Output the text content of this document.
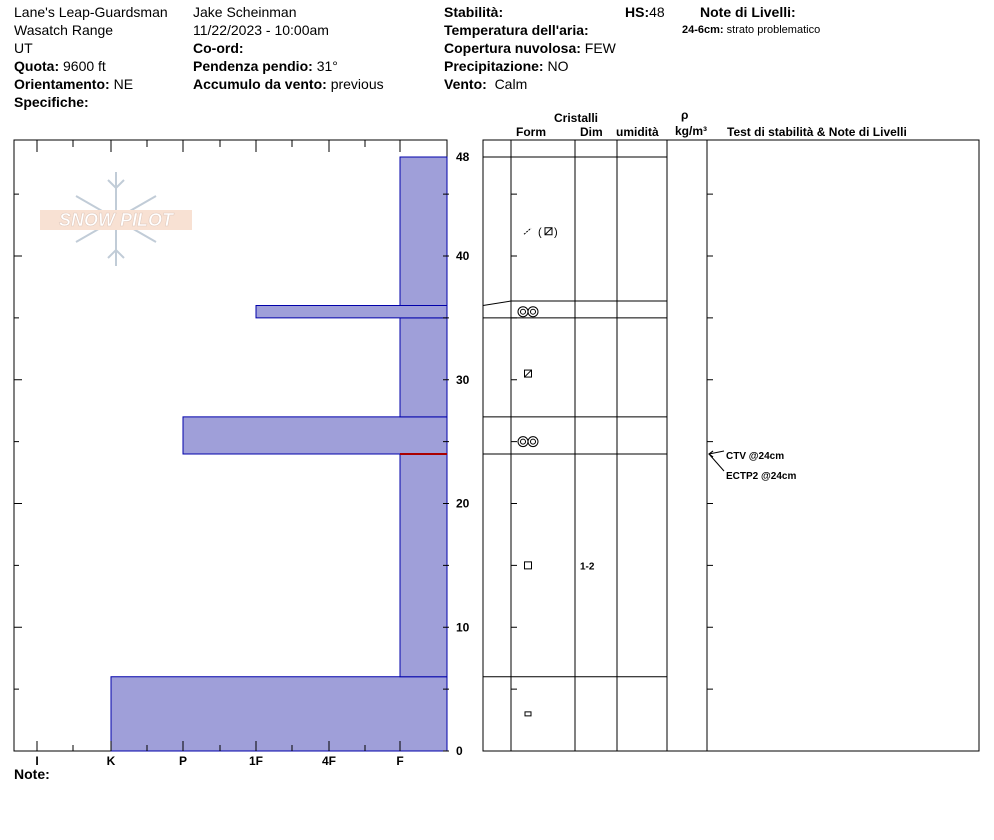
Lane's Leap-Guardsman
Wasatch Range
UT
Quota: 9600 ft
Orientamento: NE
Specifiche:
Jake Scheinman
11/22/2023 - 10:00am
Co-ord:
Pendenza pendio: 31°
Accumulo da vento: previous
Stabilità:
Temperatura dell'aria:
Copertura nuvolosa: FEW
Precipitazione: NO
Vento: Calm
HS:48	Note di Livelli:
24-6cm: strato problematico
Cristalli
Form	Dim umidità
ρ
kg/m³ Test di stabilità & Note di Livelli
Note:
SNOW PILOT
I	K	P	1F	4F	F
0
10
20
30
40
48
1-2
( )
CTV @24cm
ECTP2 @24cm
